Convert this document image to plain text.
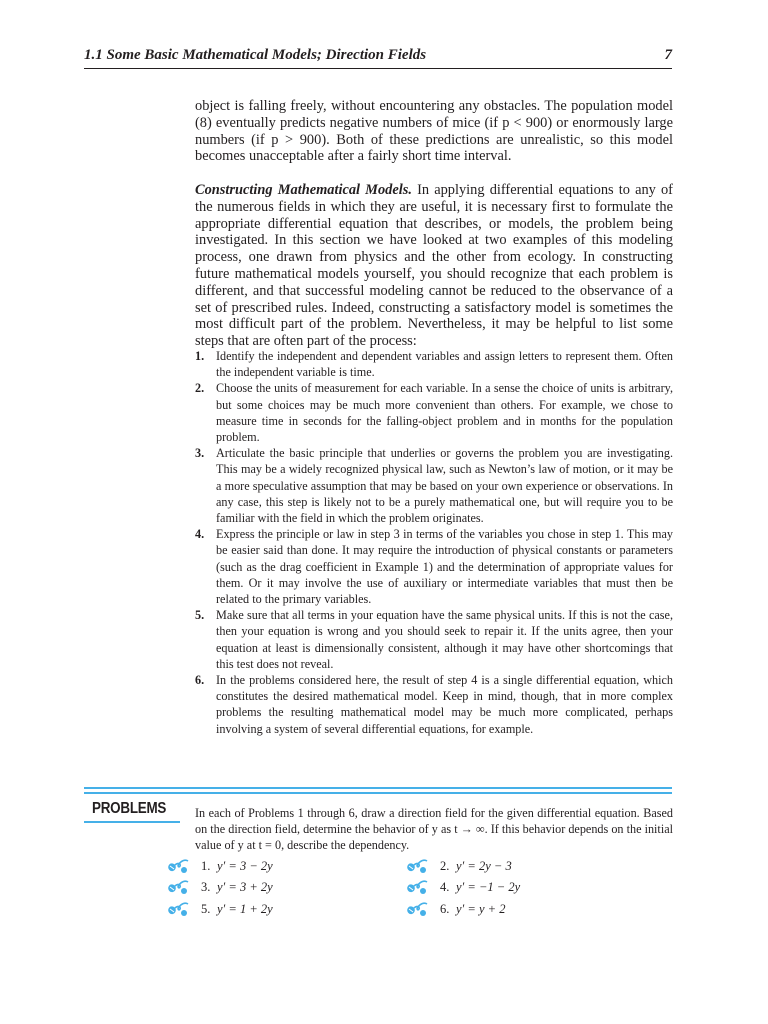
1.1 Some Basic Mathematical Models; Direction Fields	7
object is falling freely, without encountering any obstacles. The population model (8) eventually predicts negative numbers of mice (if p < 900) or enormously large numbers (if p > 900). Both of these predictions are unrealistic, so this model becomes unacceptable after a fairly short time interval.
Constructing Mathematical Models. In applying differential equations to any of the numerous fields in which they are useful, it is necessary first to formulate the appropriate differential equation that describes, or models, the problem being investigated. In this section we have looked at two examples of this modeling process, one drawn from physics and the other from ecology. In constructing future mathematical models yourself, you should recognize that each problem is different, and that successful modeling cannot be reduced to the observance of a set of prescribed rules. Indeed, constructing a satisfactory model is sometimes the most difficult part of the problem. Nevertheless, it may be helpful to list some steps that are often part of the process:
1. Identify the independent and dependent variables and assign letters to represent them. Often the independent variable is time.
2. Choose the units of measurement for each variable. In a sense the choice of units is arbitrary, but some choices may be much more convenient than others. For example, we chose to measure time in seconds for the falling-object problem and in months for the population problem.
3. Articulate the basic principle that underlies or governs the problem you are investigating. This may be a widely recognized physical law, such as Newton’s law of motion, or it may be a more speculative assumption that may be based on your own experience or observations. In any case, this step is likely not to be a purely mathematical one, but will require you to be familiar with the field in which the problem originates.
4. Express the principle or law in step 3 in terms of the variables you chose in step 1. This may be easier said than done. It may require the introduction of physical constants or parameters (such as the drag coefficient in Example 1) and the determination of appropriate values for them. Or it may involve the use of auxiliary or intermediate variables that must then be related to the primary variables.
5. Make sure that all terms in your equation have the same physical units. If this is not the case, then your equation is wrong and you should seek to repair it. If the units agree, then your equation at least is dimensionally consistent, although it may have other shortcomings that this test does not reveal.
6. In the problems considered here, the result of step 4 is a single differential equation, which constitutes the desired mathematical model. Keep in mind, though, that in more complex problems the resulting mathematical model may be much more complicated, perhaps involving a system of several differential equations, for example.
PROBLEMS In each of Problems 1 through 6, draw a direction field for the given differential equation. Based on the direction field, determine the behavior of y as t → ∞. If this behavior depends on the initial value of y at t = 0, describe the dependency.
1. y′ = 3 − 2y	2. y′ = 2y − 3
3. y′ = 3 + 2y	4. y′ = −1 − 2y
5. y′ = 1 + 2y	6. y′ = y + 2
